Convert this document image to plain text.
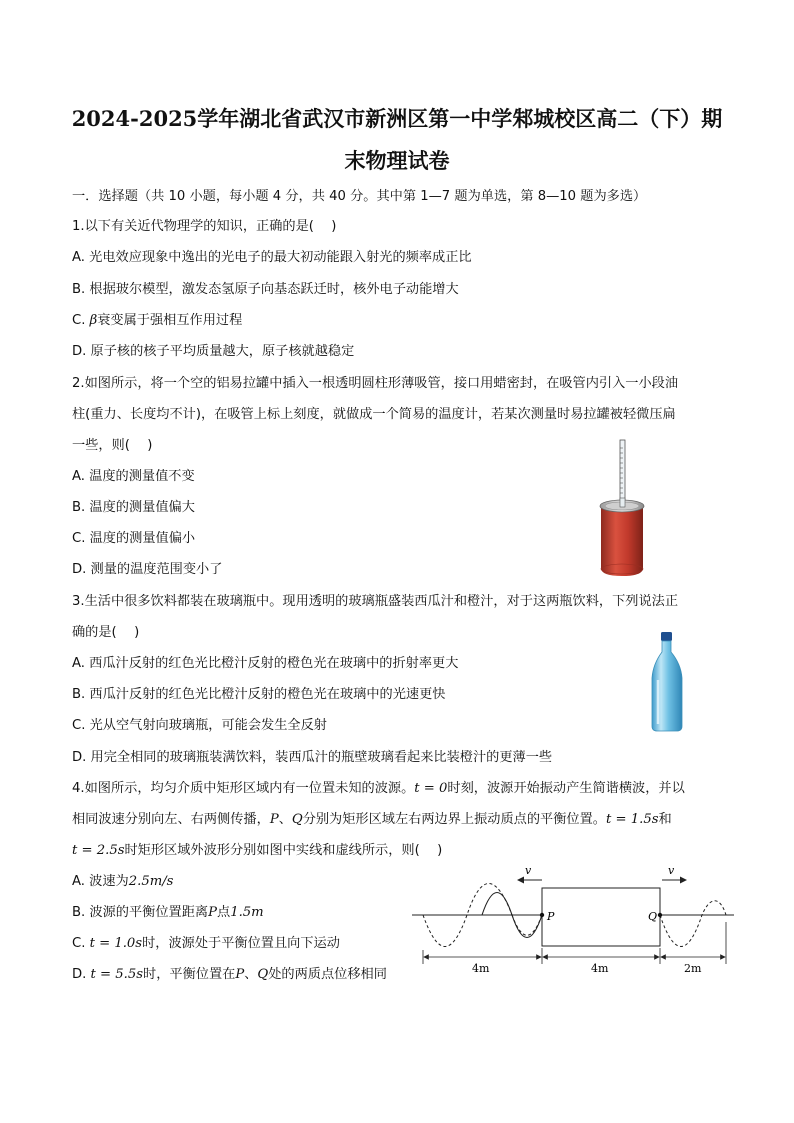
2024-2025学年湖北省武汉市新洲区第一中学邾城校区高二（下）期
末物理试卷
一．选择题（共 10 小题，每小题 4 分，共 40 分。其中第 1—7 题为单选，第 8—10 题为多选）
1.以下有关近代物理学的知识，正确的是(　 )
A. 光电效应现象中逸出的光电子的最大初动能跟入射光的频率成正比
B. 根据玻尔模型，激发态氢原子向基态跃迁时，核外电子动能增大
C. β衰变属于强相互作用过程
D. 原子核的核子平均质量越大，原子核就越稳定
2.如图所示，将一个空的铝易拉罐中插入一根透明圆柱形薄吸管，接口用蜡密封，在吸管内引入一小段油
柱(重力、长度均不计)，在吸管上标上刻度，就做成一个简易的温度计，若某次测量时易拉罐被轻微压扁
一些，则(　 )
A. 温度的测量值不变
B. 温度的测量值偏大
C. 温度的测量值偏小
D. 测量的温度范围变小了
3.生活中很多饮料都装在玻璃瓶中。现用透明的玻璃瓶盛装西瓜汁和橙汁，对于这两瓶饮料，下列说法正
确的是(　 )
A. 西瓜汁反射的红色光比橙汁反射的橙色光在玻璃中的折射率更大
B. 西瓜汁反射的红色光比橙汁反射的橙色光在玻璃中的光速更快
C. 光从空气射向玻璃瓶，可能会发生全反射
D. 用完全相同的玻璃瓶装满饮料，装西瓜汁的瓶壁玻璃看起来比装橙汁的更薄一些
4.如图所示，均匀介质中矩形区域内有一位置未知的波源。t = 0时刻，波源开始振动产生简谐横波，并以
相同波速分别向左、右两侧传播，P、Q分别为矩形区域左右两边界上振动质点的平衡位置。t = 1.5s和
t = 2.5s时矩形区域外波形分别如图中实线和虚线所示，则(　 )
A. 波速为2.5m/s
B. 波源的平衡位置距离P点1.5m
C. t = 1.0s时，波源处于平衡位置且向下运动
D. t = 5.5s时，平衡位置在P、Q处的两质点位移相同
v	v
P	Q
4m	4m	2m
